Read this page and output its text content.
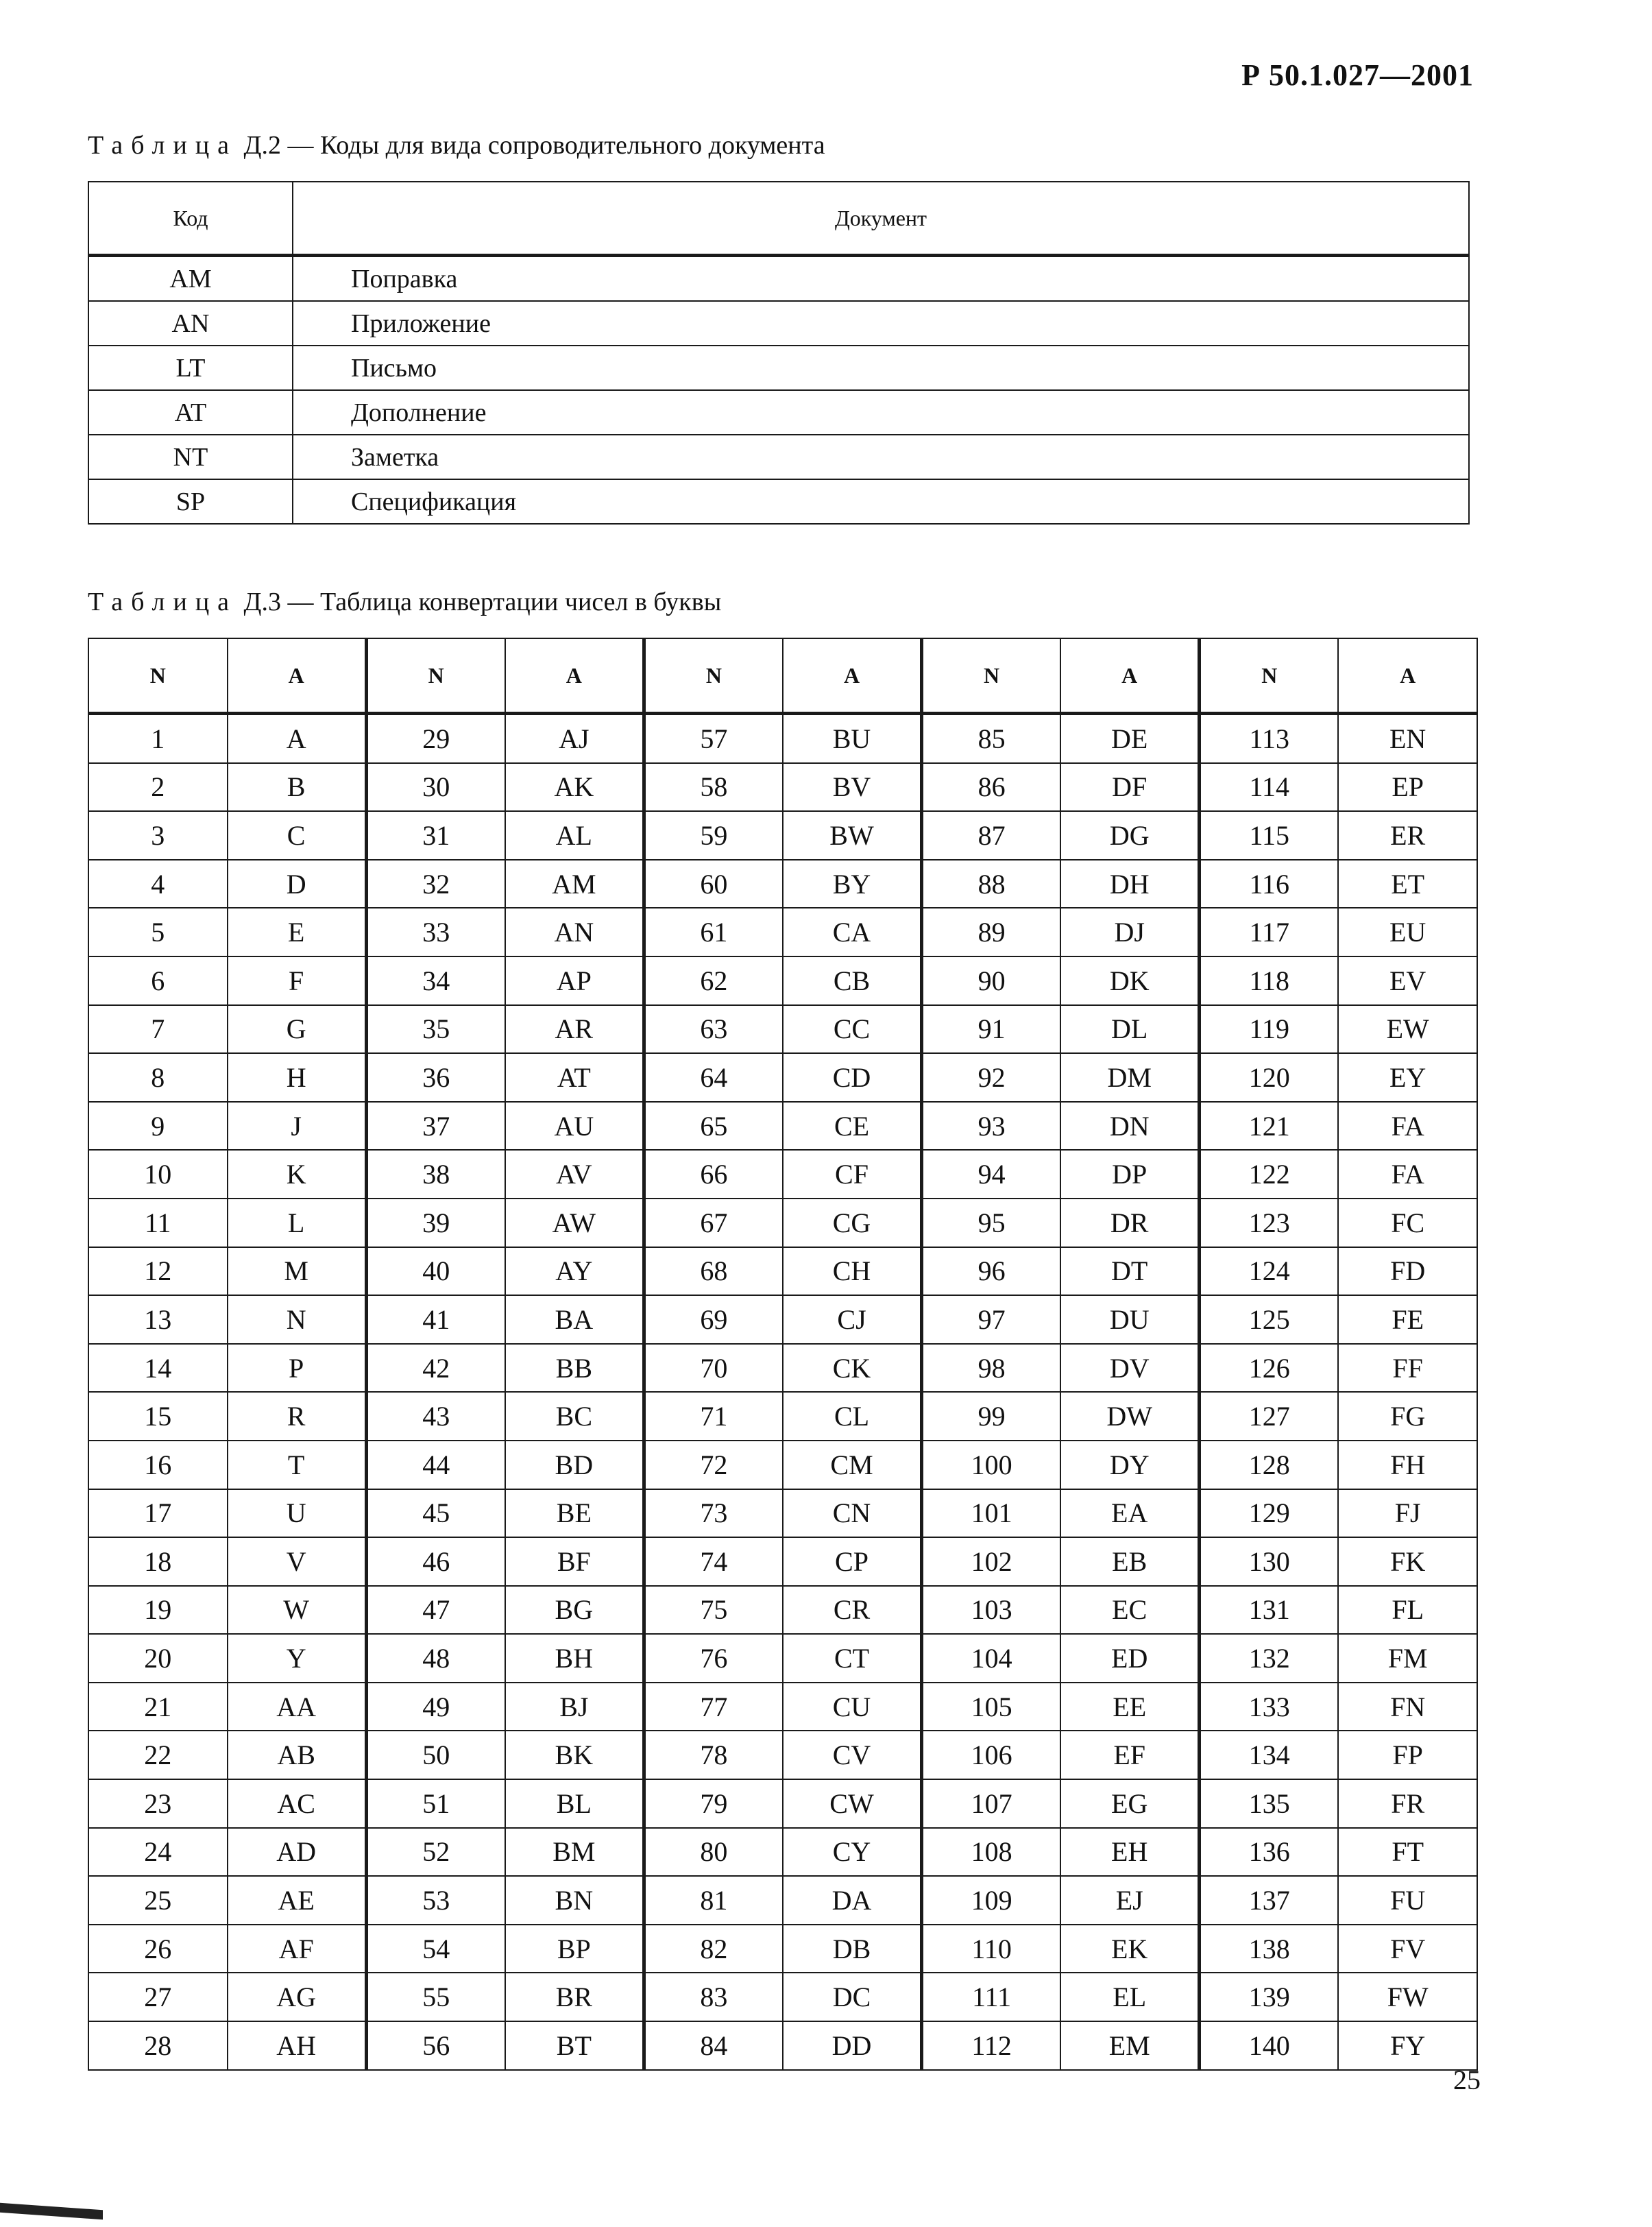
Р 50.1.027—2001
Таблица Д.2 — Коды для вида сопроводительного документа
Код	Документ
AM	Поправка
AN	Приложение
LT	Письмо
AT	Дополнение
NT	Заметка
SP	Спецификация
Таблица Д.3 — Таблица конвертации чисел в буквы
N	A	N	A	N	A	N	A	N	A
1	A	29	AJ	57	BU	85	DE	113	EN
2	B	30	AK	58	BV	86	DF	114	EP
3	C	31	AL	59	BW	87	DG	115	ER
4	D	32	AM	60	BY	88	DH	116	ET
5	E	33	AN	61	CA	89	DJ	117	EU
6	F	34	AP	62	CB	90	DK	118	EV
7	G	35	AR	63	CC	91	DL	119	EW
8	H	36	AT	64	CD	92	DM	120	EY
9	J	37	AU	65	CE	93	DN	121	FA
10	K	38	AV	66	CF	94	DP	122	FA
11	L	39	AW	67	CG	95	DR	123	FC
12	M	40	AY	68	CH	96	DT	124	FD
13	N	41	BA	69	CJ	97	DU	125	FE
14	P	42	BB	70	CK	98	DV	126	FF
15	R	43	BC	71	CL	99	DW	127	FG
16	T	44	BD	72	CM	100	DY	128	FH
17	U	45	BE	73	CN	101	EA	129	FJ
18	V	46	BF	74	CP	102	EB	130	FK
19	W	47	BG	75	CR	103	EC	131	FL
20	Y	48	BH	76	CT	104	ED	132	FM
21	AA	49	BJ	77	CU	105	EE	133	FN
22	AB	50	BK	78	CV	106	EF	134	FP
23	AC	51	BL	79	CW	107	EG	135	FR
24	AD	52	BM	80	CY	108	EH	136	FT
25	AE	53	BN	81	DA	109	EJ	137	FU
26	AF	54	BP	82	DB	110	EK	138	FV
27	AG	55	BR	83	DC	111	EL	139	FW
28	AH	56	BT	84	DD	112	EM	140	FY
25
